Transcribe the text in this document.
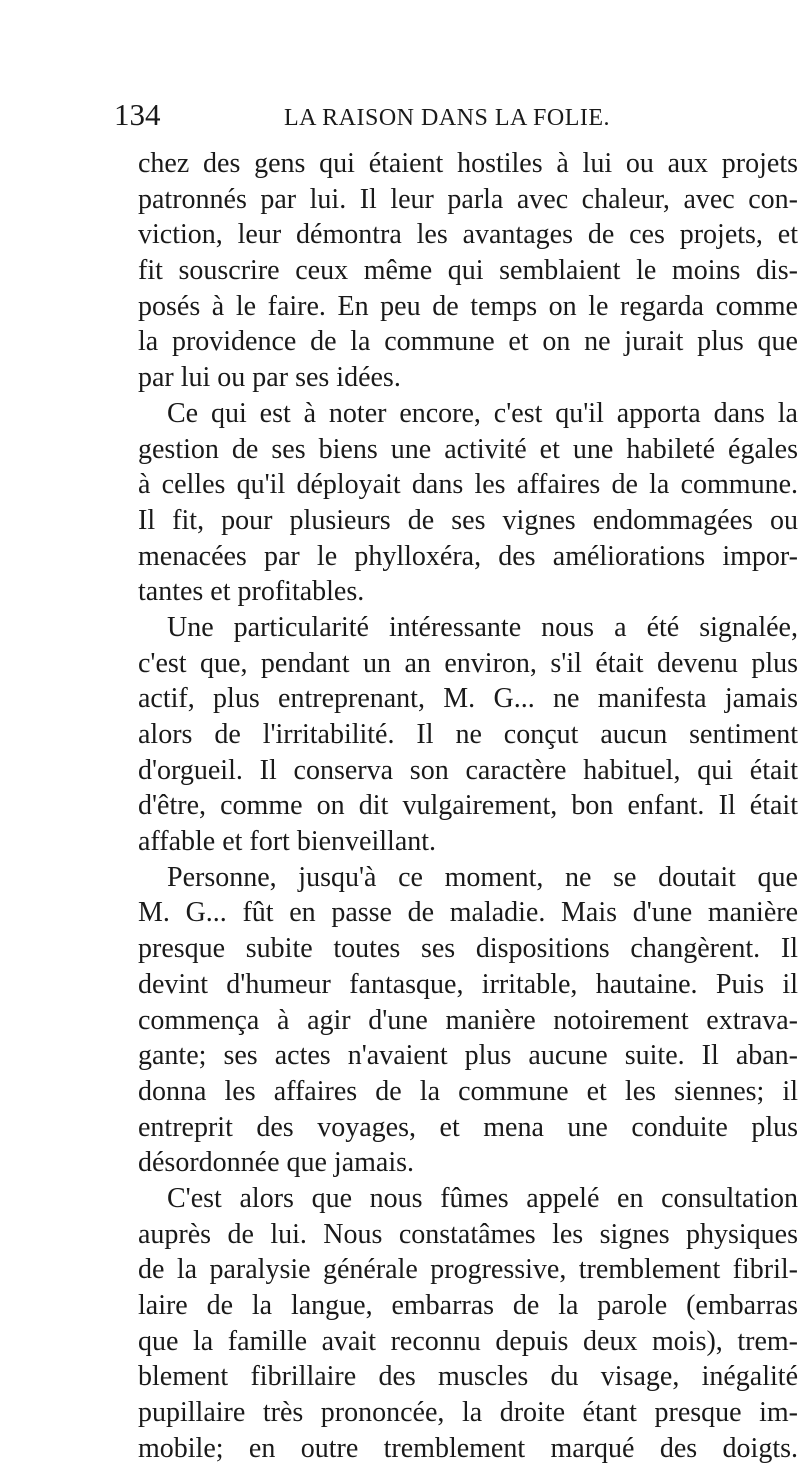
134	LA RAISON DANS LA FOLIE.
chez des gens qui étaient hostiles à lui ou aux projets
patronnés par lui. Il leur parla avec chaleur, avec con-
viction, leur démontra les avantages de ces projets, et
fit souscrire ceux même qui semblaient le moins dis-
posés à le faire. En peu de temps on le regarda comme
la providence de la commune et on ne jurait plus que
par lui ou par ses idées.
Ce qui est à noter encore, c'est qu'il apporta dans la
gestion de ses biens une activité et une habileté égales
à celles qu'il déployait dans les affaires de la commune.
Il fit, pour plusieurs de ses vignes endommagées ou
menacées par le phylloxéra, des améliorations impor-
tantes et profitables.
Une particularité intéressante nous a été signalée,
c'est que, pendant un an environ, s'il était devenu plus
actif, plus entreprenant, M. G... ne manifesta jamais
alors de l'irritabilité. Il ne conçut aucun sentiment
d'orgueil. Il conserva son caractère habituel, qui était
d'être, comme on dit vulgairement, bon enfant. Il était
affable et fort bienveillant.
Personne, jusqu'à ce moment, ne se doutait que
M. G... fût en passe de maladie. Mais d'une manière
presque subite toutes ses dispositions changèrent. Il
devint d'humeur fantasque, irritable, hautaine. Puis il
commença à agir d'une manière notoirement extrava-
gante; ses actes n'avaient plus aucune suite. Il aban-
donna les affaires de la commune et les siennes; il
entreprit des voyages, et mena une conduite plus
désordonnée que jamais.
C'est alors que nous fûmes appelé en consultation
auprès de lui. Nous constatâmes les signes physiques
de la paralysie générale progressive, tremblement fibril-
laire de la langue, embarras de la parole (embarras
que la famille avait reconnu depuis deux mois), trem-
blement fibrillaire des muscles du visage, inégalité
pupillaire très prononcée, la droite étant presque im-
mobile; en outre tremblement marqué des doigts.
